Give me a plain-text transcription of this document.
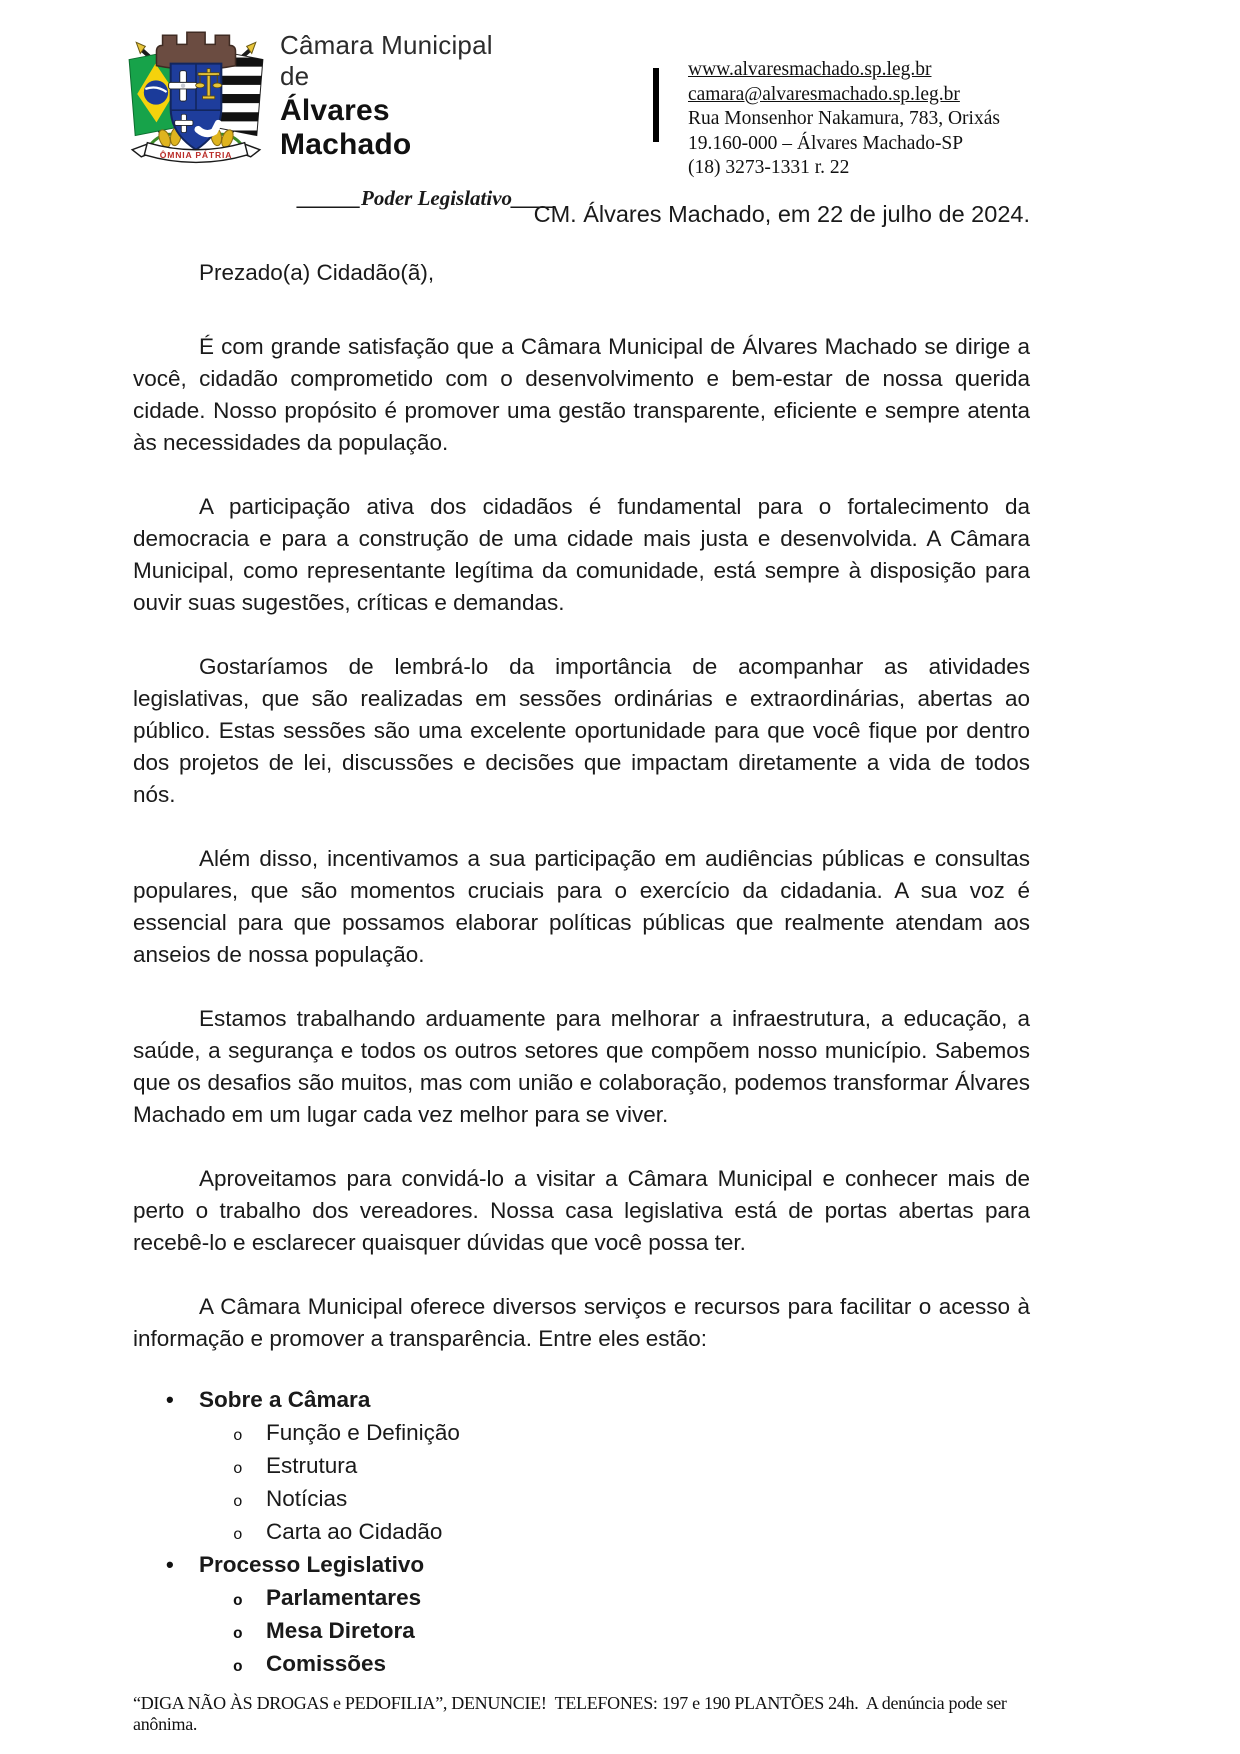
ÔMNIA PÁTRIA
Câmara Municipal de
Álvares Machado
______Poder Legislativo____
www.alvaresmachado.sp.leg.br
camara@alvaresmachado.sp.leg.br
Rua Monsenhor Nakamura, 783, Orixás
19.160-000 – Álvares Machado-SP
(18) 3273-1331 r. 22
CM. Álvares Machado, em 22 de julho de 2024.
Prezado(a) Cidadão(ã),

É com grande satisfação que a Câmara Municipal de Álvares Machado se dirige a você, cidadão comprometido com o desenvolvimento e bem-estar de nossa querida cidade. Nosso propósito é promover uma gestão transparente, eficiente e sempre atenta às necessidades da população.

A participação ativa dos cidadãos é fundamental para o fortalecimento da democracia e para a construção de uma cidade mais justa e desenvolvida. A Câmara Municipal, como representante legítima da comunidade, está sempre à disposição para ouvir suas sugestões, críticas e demandas.

Gostaríamos de lembrá-lo da importância de acompanhar as atividades legislativas, que são realizadas em sessões ordinárias e extraordinárias, abertas ao público. Estas sessões são uma excelente oportunidade para que você fique por dentro dos projetos de lei, discussões e decisões que impactam diretamente a vida de todos nós.

Além disso, incentivamos a sua participação em audiências públicas e consultas populares, que são momentos cruciais para o exercício da cidadania. A sua voz é essencial para que possamos elaborar políticas públicas que realmente atendam aos anseios de nossa população.

Estamos trabalhando arduamente para melhorar a infraestrutura, a educação, a saúde, a segurança e todos os outros setores que compõem nosso município. Sabemos que os desafios são muitos, mas com união e colaboração, podemos transformar Álvares Machado em um lugar cada vez melhor para se viver.

Aproveitamos para convidá-lo a visitar a Câmara Municipal e conhecer mais de perto o trabalho dos vereadores. Nossa casa legislativa está de portas abertas para recebê-lo e esclarecer quaisquer dúvidas que você possa ter.

A Câmara Municipal oferece diversos serviços e recursos para facilitar o acesso à informação e promover a transparência. Entre eles estão:

•	Sobre a Câmara
o	Função e Definição
o	Estrutura
o	Notícias
o	Carta ao Cidadão
•	Processo Legislativo
o	Parlamentares
o	Mesa Diretora
o	Comissões
“DIGA NÃO ÀS DROGAS e PEDOFILIA”, DENUNCIE!  TELEFONES: 197 e 190 PLANTÕES 24h.  A denúncia pode ser anônima.
